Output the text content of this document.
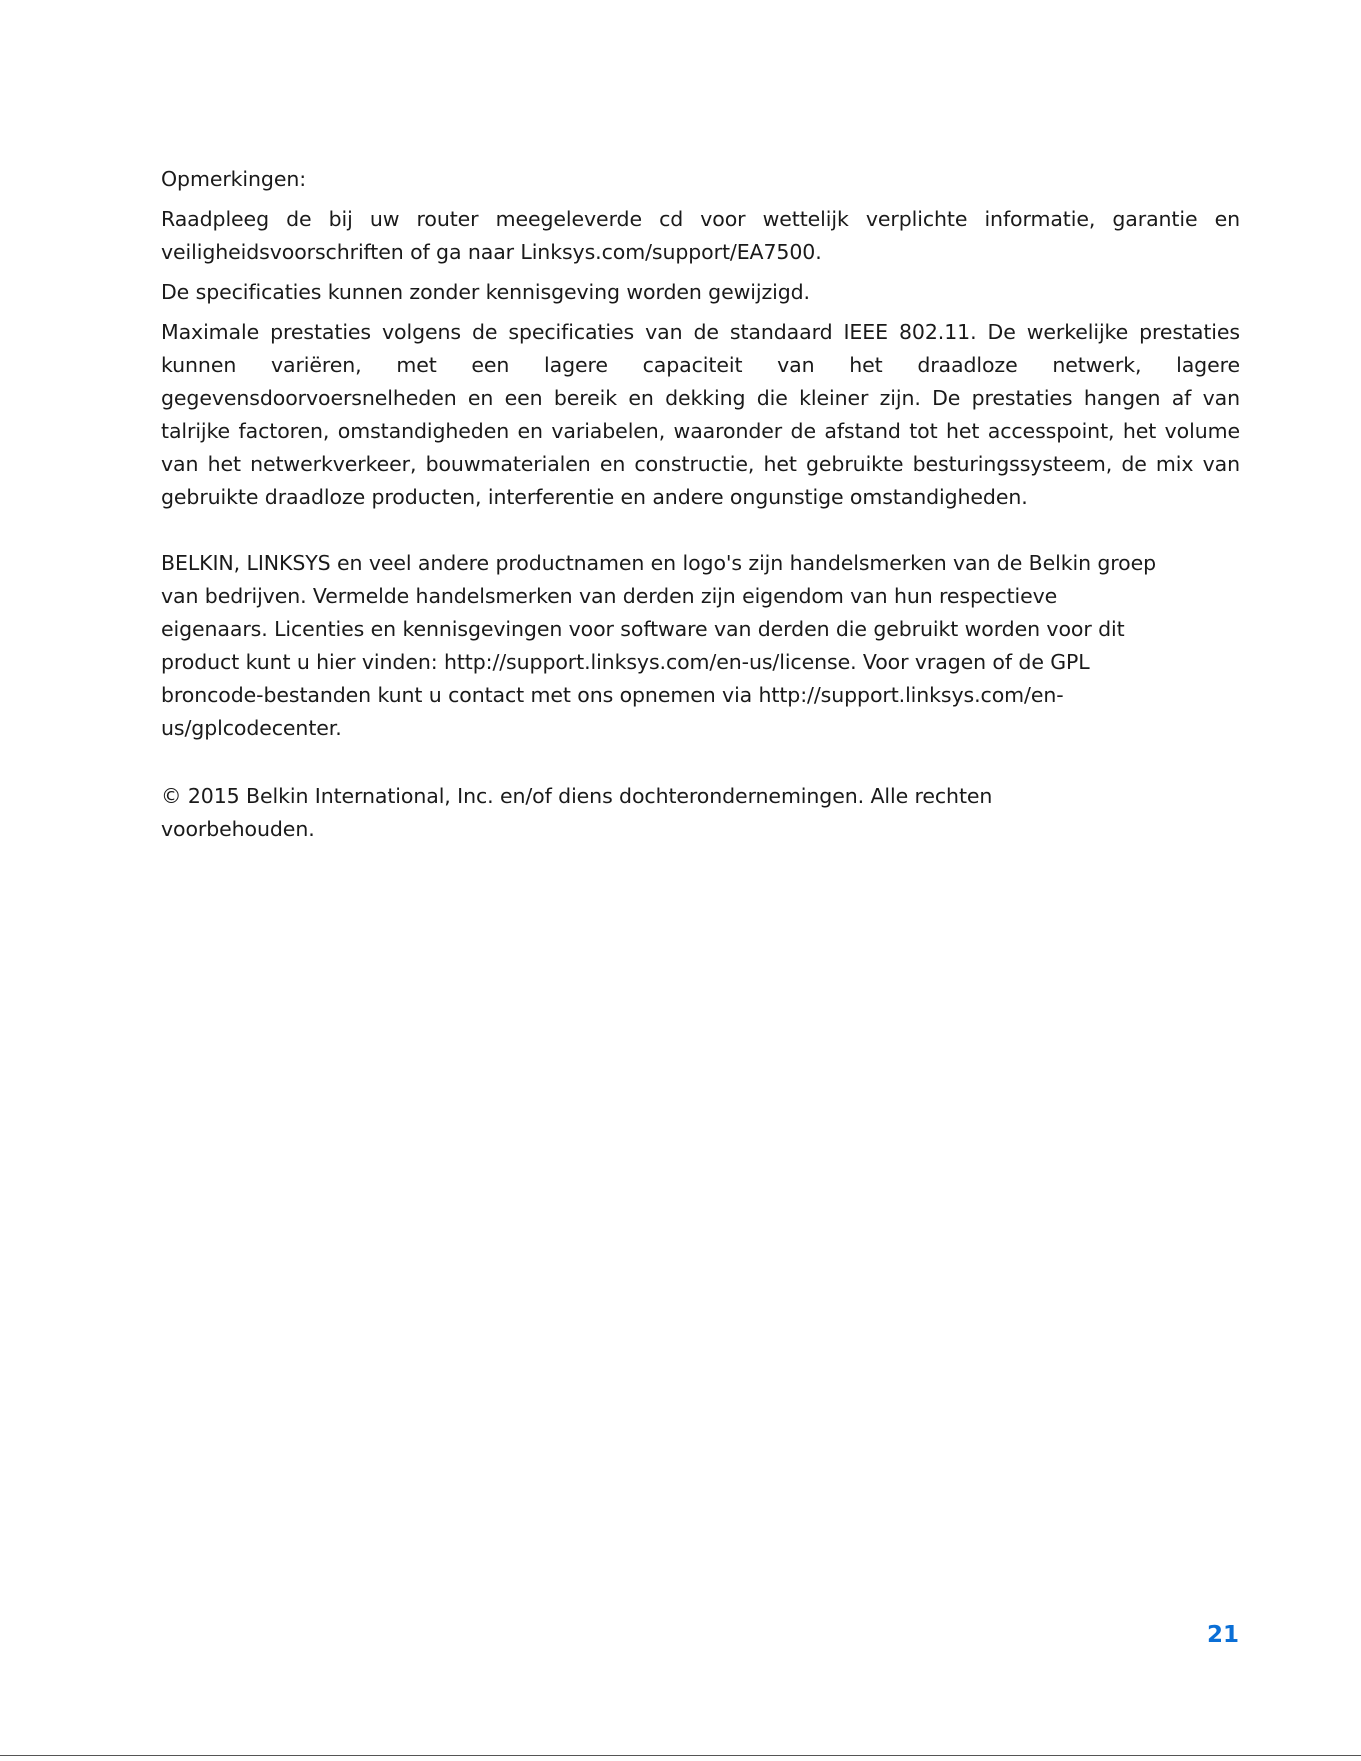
Opmerkingen:

Raadpleeg de bij uw router meegeleverde cd voor wettelijk verplichte informatie, garantie en veiligheidsvoorschriften of ga naar Linksys.com/support/EA7500.

De specificaties kunnen zonder kennisgeving worden gewijzigd.

Maximale prestaties volgens de specificaties van de standaard IEEE 802.11. De werkelijke prestaties kunnen variëren, met een lagere capaciteit van het draadloze netwerk, lagere gegevensdoorvoersnelheden en een bereik en dekking die kleiner zijn. De prestaties hangen af van talrijke factoren, omstandigheden en variabelen, waaronder de afstand tot het accesspoint, het volume van het netwerkverkeer, bouwmaterialen en constructie, het gebruikte besturingssysteem, de mix van gebruikte draadloze producten, interferentie en andere ongunstige omstandigheden.

BELKIN, LINKSYS en veel andere productnamen en logo's zijn handelsmerken van de Belkin groep van bedrijven. Vermelde handelsmerken van derden zijn eigendom van hun respectieve eigenaars. Licenties en kennisgevingen voor software van derden die gebruikt worden voor dit product kunt u hier vinden: http://support.linksys.com/en-us/license. Voor vragen of de GPL broncode-bestanden kunt u contact met ons opnemen via http://support.linksys.com/en-us/gplcodecenter.

© 2015 Belkin International, Inc. en/of diens dochterondernemingen. Alle rechten voorbehouden.

21
